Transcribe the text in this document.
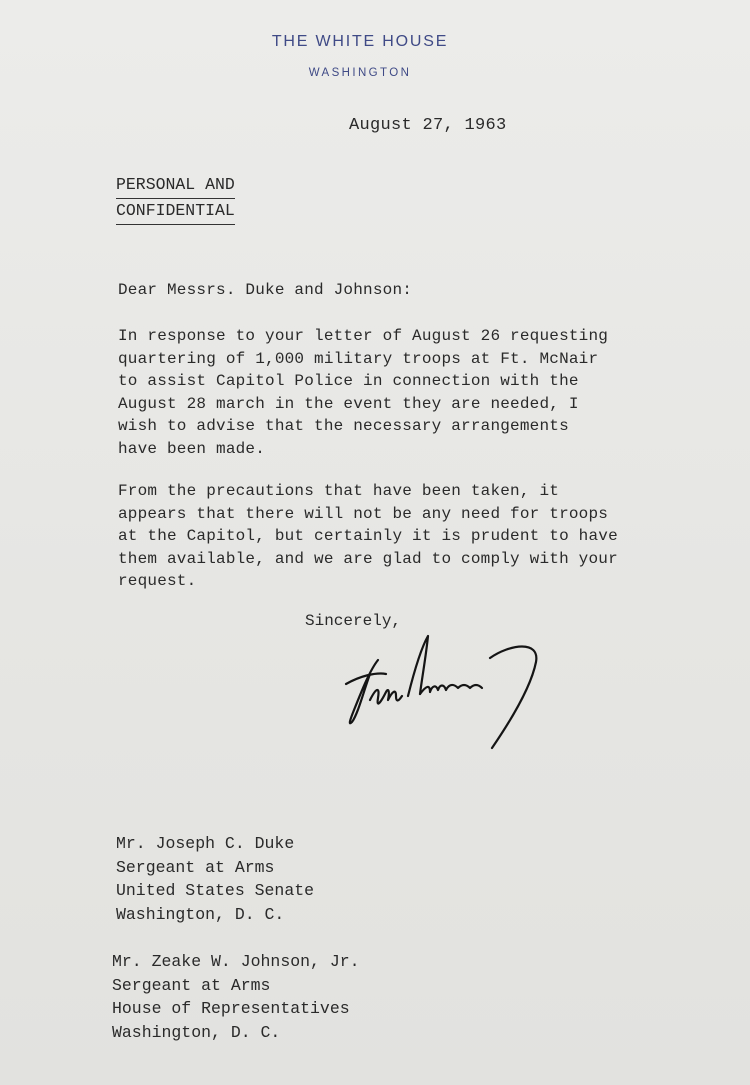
THE WHITE HOUSE
WASHINGTON
August 27, 1963
PERSONAL AND
CONFIDENTIAL
Dear Messrs. Duke and Johnson:
In response to your letter of August 26 requesting
quartering of 1,000 military troops at Ft. McNair
to assist Capitol Police in connection with the
August 28 march in the event they are needed, I
wish to advise that the necessary arrangements
have been made.
From the precautions that have been taken, it
appears that there will not be any need for troops
at the Capitol, but certainly it is prudent to have
them available, and we are glad to comply with your
request.
Sincerely,
Mr. Joseph C. Duke
Sergeant at Arms
United States Senate
Washington, D. C.
Mr. Zeake W. Johnson, Jr.
Sergeant at Arms
House of Representatives
Washington, D. C.
